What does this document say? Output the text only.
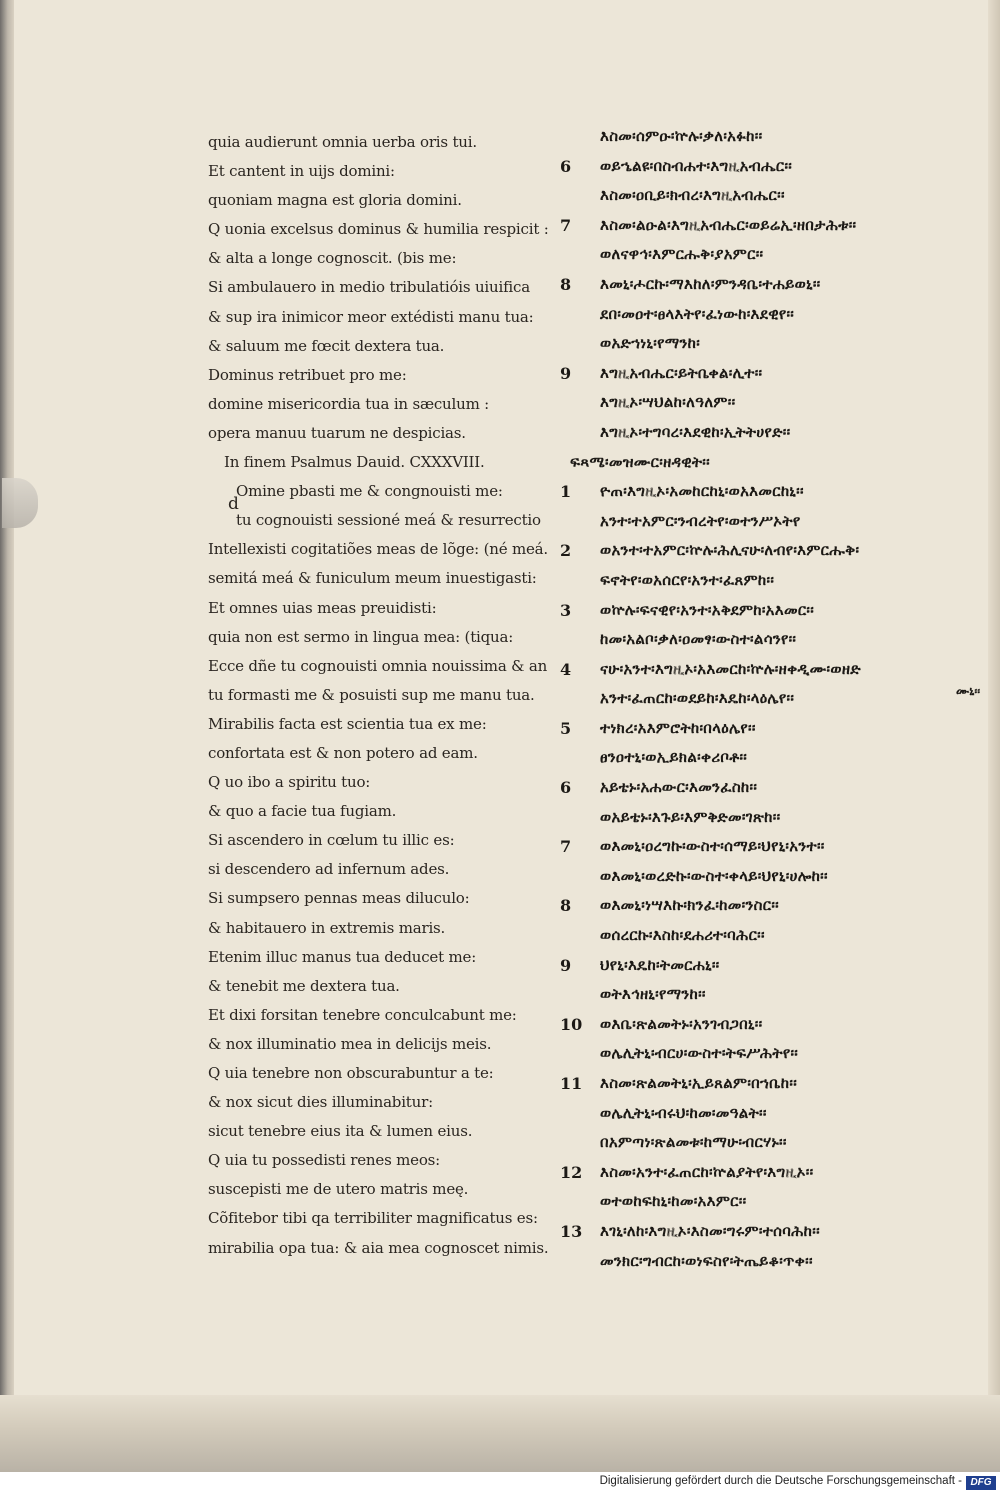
quia audierunt omnia uerba oris tui.
Et cantent in uijs domini:
quoniam magna est gloria domini.
Q uonia excelsus dominus & humilia respicit :
& alta a longe cognoscit. (bis me:
Si ambulauero in medio tribulatióis uiuifica
& sup ira inimicor meor extédisti manu tua:
& saluum me fœcit dextera tua.
Dominus retribuet pro me:
domine misericordia tua in sæculum :
opera manuu tuarum ne despicias.
In finem Psalmus Dauid. CXXXVIII.
Omine pbasti me & congnouisti me:
tu cognouisti sessioné meá & resurrectio
Intellexisti cogitatiões meas de lõge: (né meá.
semitá meá & funiculum meum inuestigasti:
Et omnes uias meas preuidisti:
quia non est sermo in lingua mea: (tiqua:
Ecce dñe tu cognouisti omnia nouissima & an
tu formasti me & posuisti sup me manu tua.
Mirabilis facta est scientia tua ex me:
confortata est & non potero ad eam.
Q uo ibo a spiritu tuo:
& quo a facie tua fugiam.
Si ascendero in cœlum tu illic es:
si descendero ad infernum ades.
Si sumpsero pennas meas diluculo:
& habitauero in extremis maris.
Etenim illuc manus tua deducet me:
& tenebit me dextera tua.
Et dixi forsitan tenebre conculcabunt me:
& nox illuminatio mea in delicijs meis.
Q uia tenebre non obscurabuntur a te:
& nox sicut dies illuminabitur:
sicut tenebre eius ita & lumen eius.
Q uia tu possedisti renes meos:
suscepisti me de utero matris meę.
Cõfitebor tibi qa terribiliter magnificatus es:
mirabilia opa tua: & aia mea cognoscet nimis.
d
እስመ፡ሰምዑ፡ኵሉ፡ቃለ፡አፉከ፡፡
6	ወይኄልዩ፡በስብሐተ፡እግዚአብሔር፡፡
እስመ፡ዐቢይ፡ክብረ፡እግዚአብሔር፡፡
7	እስመ፡ልዑል፡እግዚአብሔር፡ወይሬኢ፡ዘበታሕቱ፡፡
ወለናዋኅ፡እምርሑቅ፡ያአምር፡፡
8	እመኒ፡ሖርኩ፡ማእከለ፡ምንዳቤ፡ተሐይወኒ፡፡
ደበ፡መዐተ፡ፀላእትየ፡ፈነውከ፡እደዊየ፡፡
ወአድኀነኒ፡የማንከ፡
9	እግዚአብሔር፡ይትቤቀል፡ሊተ፡፡
እግዚኦ፡ሣህልከ፡ለዓለም፡፡
እግዚኦ፡ተግባረ፡እደዊከ፡ኢትትሀየድ፡፡
ፍጻሜ፡መዝሙር፡ዘዳዊት፡፡
1	ዮጠ፡እግዚኦ፡አመከርከኒ፡ወአእመርከኒ፡፡
አንተ፡ተአምር፡ንብረትየ፡ወተንሥኦትየ
2	ወአንተ፡ተአምር፡ኵሉ፡ሕሊናሁ፡ለብየ፡እምርሑቅ፡
ፍኖትየ፡ወአሰርየ፡አንተ፡ፈጸምከ፡፡
3	ወኵሉ፡ፍናዊየ፡አንተ፡አቅደምከ፡አእመር፡፡
ከመ፡አልቦ፡ቃለ፡ዐመፃ፡ውስተ፡ልሳንየ፡፡
4	ናሁ፡አንተ፡እግዚኦ፡አእመርከ፡ኵሉ፡ዘቀዲሙ፡ወዘድ
አንተ፡ፈጠርከ፡ወደይከ፡እዴከ፡ላዕሌየ፡፡
5	ተነክረ፡አእምሮትከ፡በላዕሌየ፡፡
ፀንዐተኒ፡ወኢይክል፡ቀሪቦቶ፡፡
6	አይቴኑ፡አሐውር፡እመንፈስከ፡፡
ወአይቴኑ፡እጉይ፡እምቅድመ፡ገጽከ፡፡
7	ወእመኒ፡ዐረግኩ፡ውስተ፡ሰማይ፡ህየኒ፡አንተ፡፡
ወእመኒ፡ወረድኩ፡ውስተ፡ቀላይ፡ህየኒ፡ሀሎከ፡፡
8	ወእመኒ፡ነሣእኩ፡ክንፈ፡ከመ፡ንስር፡፡
ወሰረርኩ፡እስከ፡ደሐሪተ፡ባሕር፡፡
9	ህየኒ፡እዴከ፡ትመርሐኒ፡፡
ወትእኅዘኒ፡የማንከ፡፡
10	ወእቤ፡ጽልመትኑ፡አንገብጋበኒ፡፡
ወሌሊትኒ፡ብርሀ፡ውስተ፡ትፍሥሕትየ፡፡
11	እስመ፡ጽልመትኒ፡ኢይጸልም፡በኀቤከ፡፡
ወሌሊትኒ፡ብሩህ፡ከመ፡መዓልት፡፡
በአምጣነ፡ጽልመቱ፡ከማሁ፡ብርሃኑ፡፡
12	እስመ፡አንተ፡ፈጠርከ፡ኵልያትየ፡እግዚኦ፡፡
ወተወከፍከኒ፡ከመ፡አእምር፡፡
13	እገኒ፡ለከ፡እግዚኦ፡እስመ፡ግሩም፡ተሰባሕከ፡፡
መንክር፡ግብርከ፡ወነፍስየ፡ትጤይቆ፡ጥቀ፡፡
ሙኒ፡፡
Digitalisierung gefördert durch die Deutsche Forschungsgemeinschaft - DFG
